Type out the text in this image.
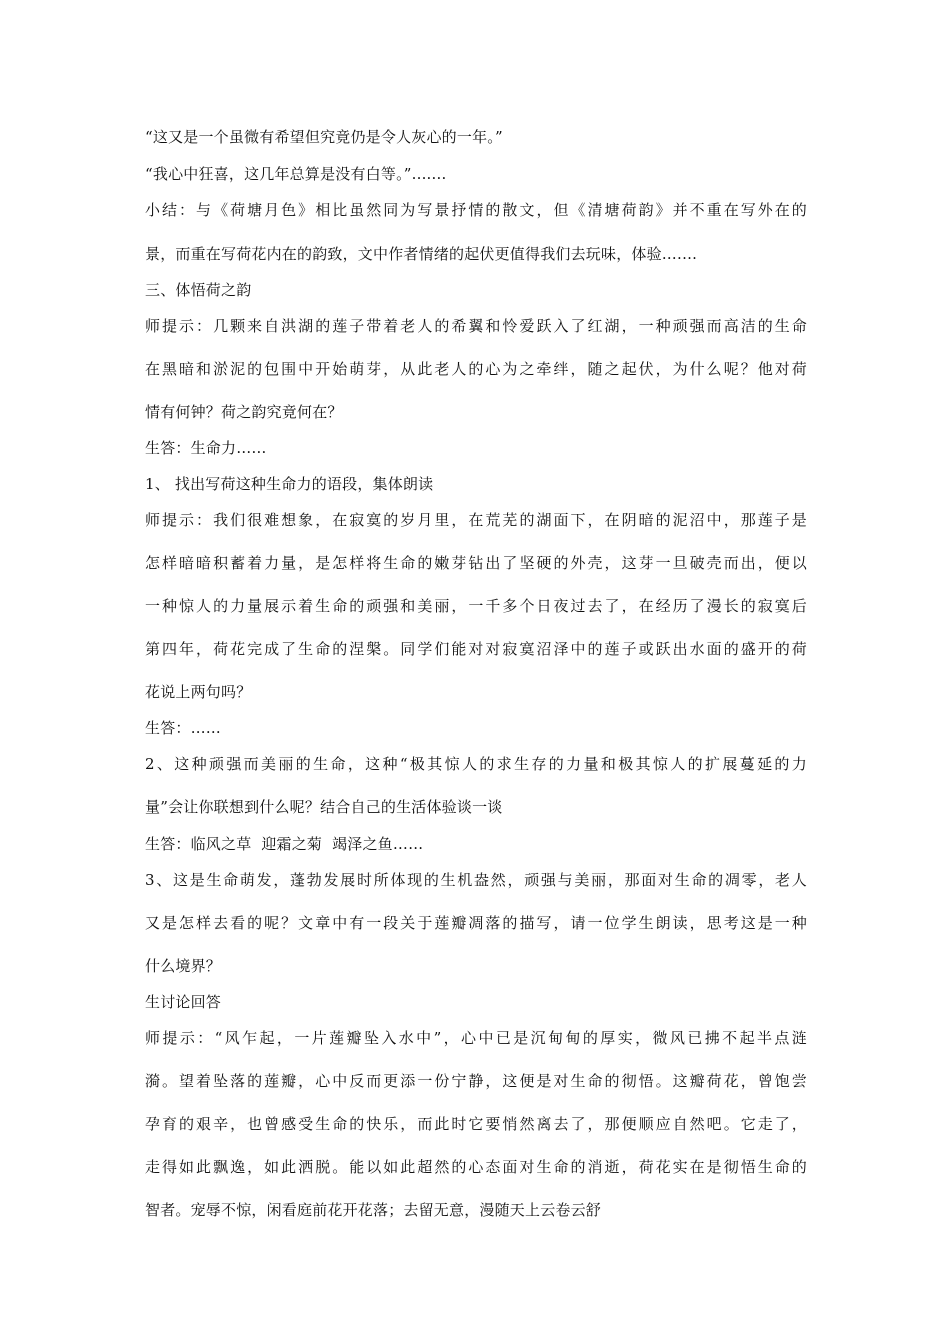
“这又是一个虽微有希望但究竟仍是令人灰心的一年。”

“我心中狂喜，这几年总算是没有白等。”.......

小结：与《荷塘月色》相比虽然同为写景抒情的散文，但《清塘荷韵》并不重在写外在的

景，而重在写荷花内在的韵致，文中作者情绪的起伏更值得我们去玩味，体验….…

三、体悟荷之韵

师提示：几颗来自洪湖的莲子带着老人的希翼和怜爱跃入了红湖，一种顽强而高洁的生命

在黑暗和淤泥的包围中开始萌芽，从此老人的心为之牵绊，随之起伏，为什么呢？他对荷

情有何钟？荷之韵究竟何在？

生答：生命力……

1、 找出写荷这种生命力的语段，集体朗读

师提示：我们很难想象，在寂寞的岁月里，在荒芜的湖面下，在阴暗的泥沼中，那莲子是

怎样暗暗积蓄着力量，是怎样将生命的嫩芽钻出了坚硬的外壳，这芽一旦破壳而出，便以

一种惊人的力量展示着生命的顽强和美丽，一千多个日夜过去了，在经历了漫长的寂寞后

第四年，荷花完成了生命的涅槃。同学们能对对寂寞沼泽中的莲子或跃出水面的盛开的荷

花说上两句吗？

生答：……

2、这种顽强而美丽的生命，这种“极其惊人的求生存的力量和极其惊人的扩展蔓延的力

量”会让你联想到什么呢？结合自己的生活体验谈一谈

生答：临风之草  迎霜之菊  竭泽之鱼……

3、这是生命萌发，蓬勃发展时所体现的生机盎然，顽强与美丽，那面对生命的凋零，老人

又是怎样去看的呢？文章中有一段关于莲瓣凋落的描写，请一位学生朗读，思考这是一种

什么境界？

生讨论回答

师提示：“风乍起，一片莲瓣坠入水中”，心中已是沉甸甸的厚实，微风已拂不起半点涟

漪。望着坠落的莲瓣，心中反而更添一份宁静，这便是对生命的彻悟。这瓣荷花，曾饱尝

孕育的艰辛，也曾感受生命的快乐，而此时它要悄然离去了，那便顺应自然吧。它走了，

走得如此飘逸，如此洒脱。能以如此超然的心态面对生命的消逝，荷花实在是彻悟生命的

智者。宠辱不惊，闲看庭前花开花落；去留无意，漫随天上云卷云舒
